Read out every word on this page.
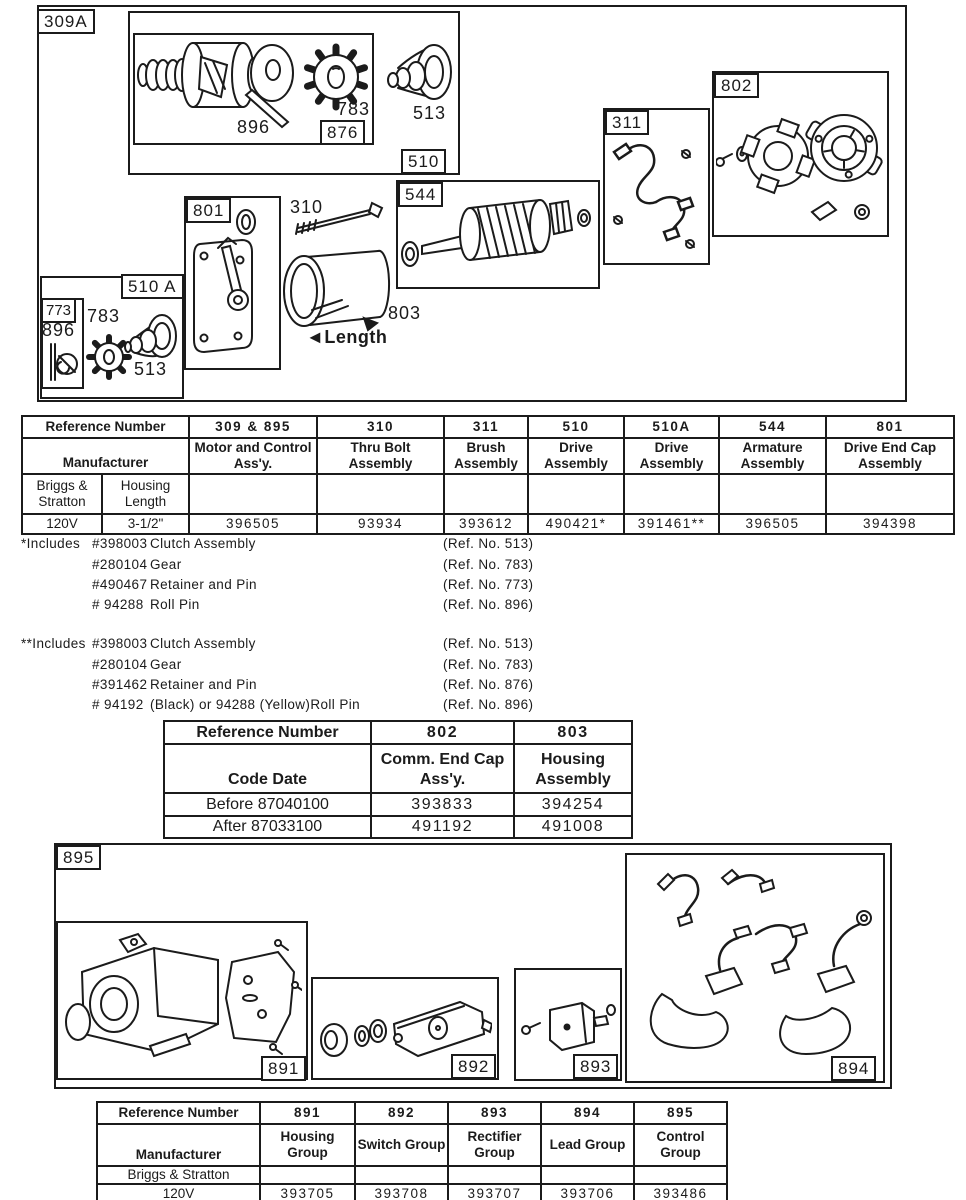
309A
510
876
801
544
311
802
510 A
773
896
783 513
310
803
◄Length
896
783
513
Reference Number		309 & 895	310	311	510	510A	544	801
Manufacturer		Motor and Control Ass'y.	Thru Bolt Assembly	Brush Assembly	Drive Assembly	Drive Assembly	Armature Assembly	Drive End Cap Assembly
Briggs & Stratton	Housing Length							
120V	3-1/2"	396505	93934	393612	490421*	391461**	396505	394398
*Includes #398003 Clutch Assembly	(Ref. No. 513)
#280104 Gear	(Ref. No. 783)
#490467 Retainer and Pin	(Ref. No. 773)
# 94288 Roll Pin	(Ref. No. 896)
**Includes #398003 Clutch Assembly	(Ref. No. 513)
#280104 Gear	(Ref. No. 783)
#391462 Retainer and Pin	(Ref. No. 876)
# 94192 (Black) or 94288 (Yellow)Roll Pin	(Ref. No. 896)
Reference Number	802	803
Code Date	Comm. End Cap Ass'y.	Housing Assembly
Before 87040100	393833	394254
After 87033100	491192	491008
895
891	892	893	894
Reference Number	891	892	893	894	895
Manufacturer	Housing Group	Switch Group	Rectifier Group	Lead Group	Control Group
Briggs & Stratton					
120V	393705	393708	393707	393706	393486
